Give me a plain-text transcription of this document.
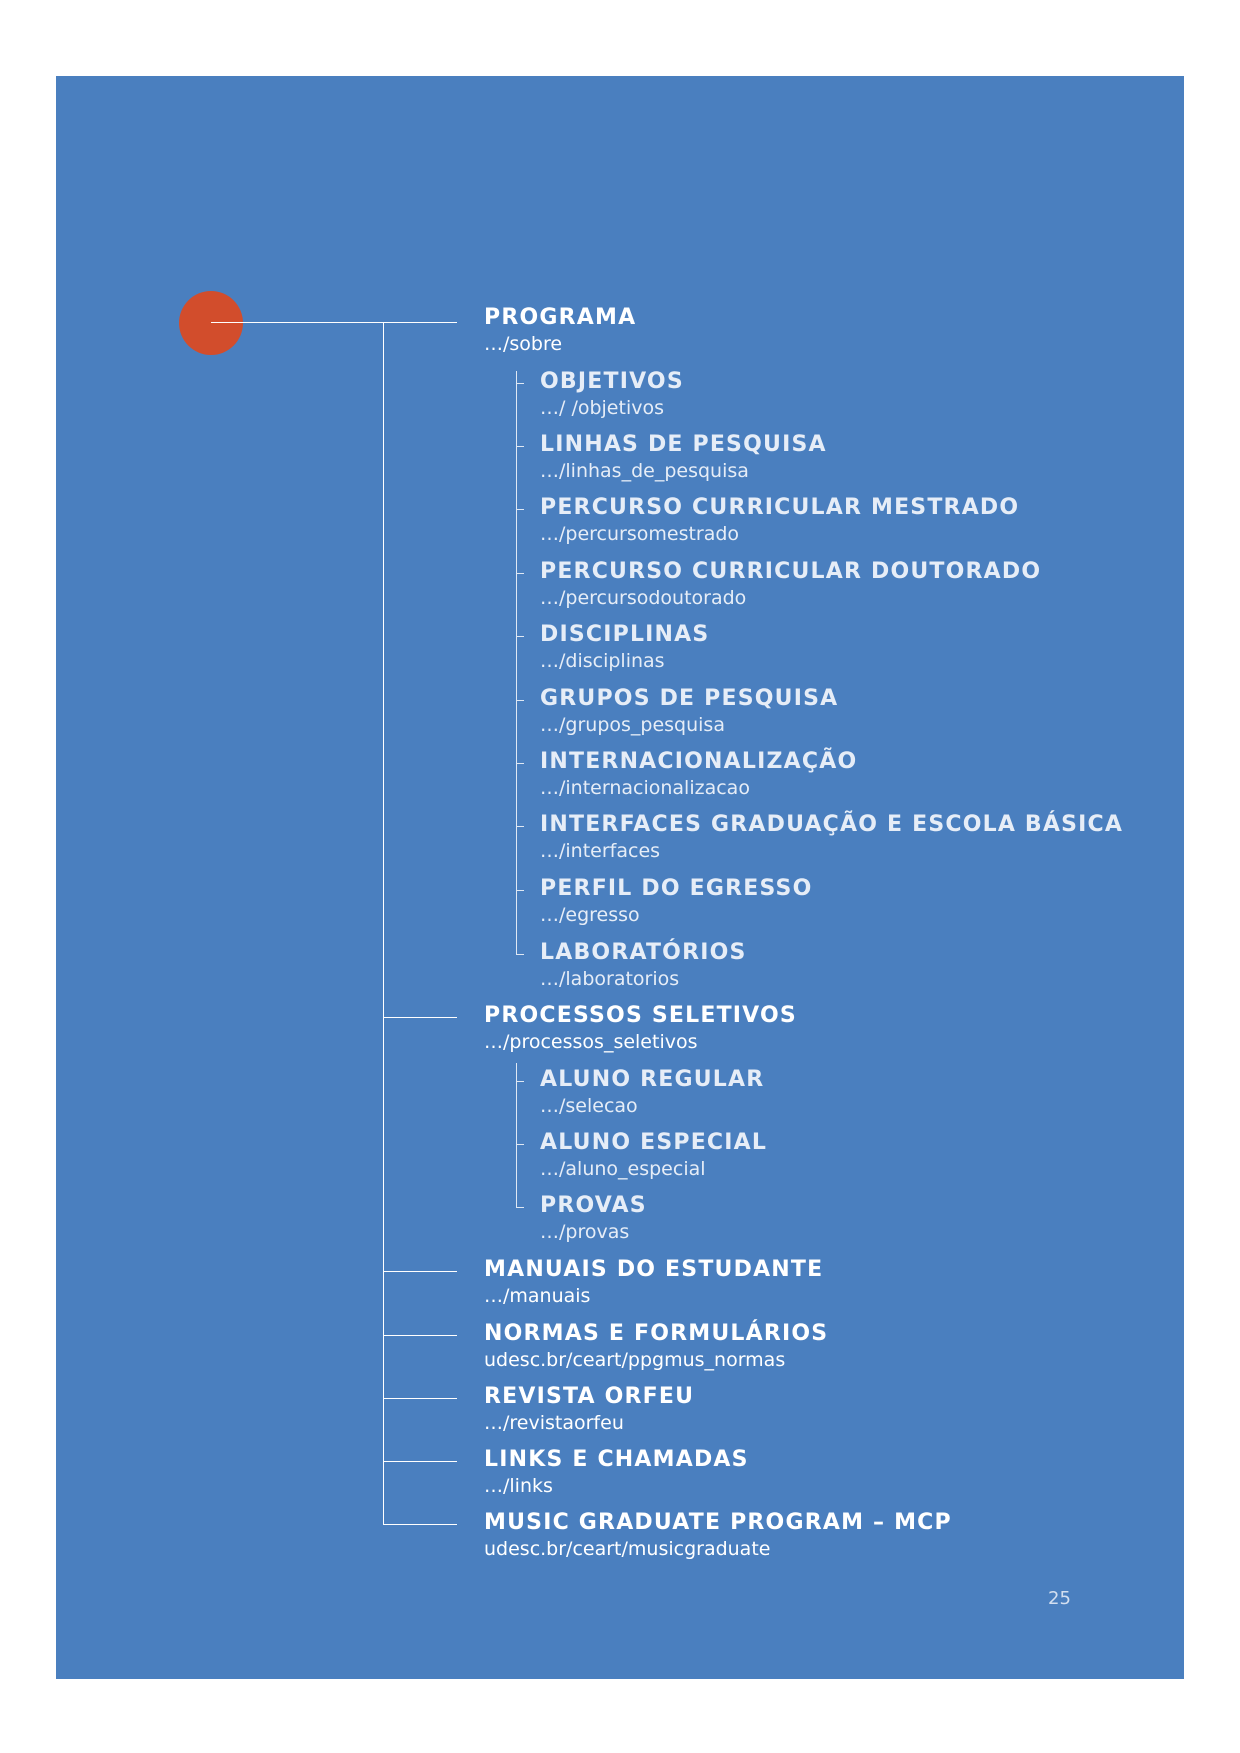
PROGRAMA
…/sobre
OBJETIVOS
…/ /objetivos
LINHAS DE PESQUISA
…/linhas_de_pesquisa
PERCURSO CURRICULAR MESTRADO
…/percursomestrado
PERCURSO CURRICULAR DOUTORADO
…/percursodoutorado
DISCIPLINAS
…/disciplinas
GRUPOS DE PESQUISA
…/grupos_pesquisa
INTERNACIONALIZAÇÃO
…/internacionalizacao
INTERFACES GRADUAÇÃO E ESCOLA BÁSICA
…/interfaces
PERFIL DO EGRESSO
…/egresso
LABORATÓRIOS
…/laboratorios
PROCESSOS SELETIVOS
…/processos_seletivos
ALUNO REGULAR
…/selecao
ALUNO ESPECIAL
…/aluno_especial
PROVAS
…/provas
MANUAIS DO ESTUDANTE
…/manuais
NORMAS E FORMULÁRIOS
udesc.br/ceart/ppgmus_normas
REVISTA ORFEU
…/revistaorfeu
LINKS E CHAMADAS
…/links
MUSIC GRADUATE PROGRAM – MCP
udesc.br/ceart/musicgraduate
25
